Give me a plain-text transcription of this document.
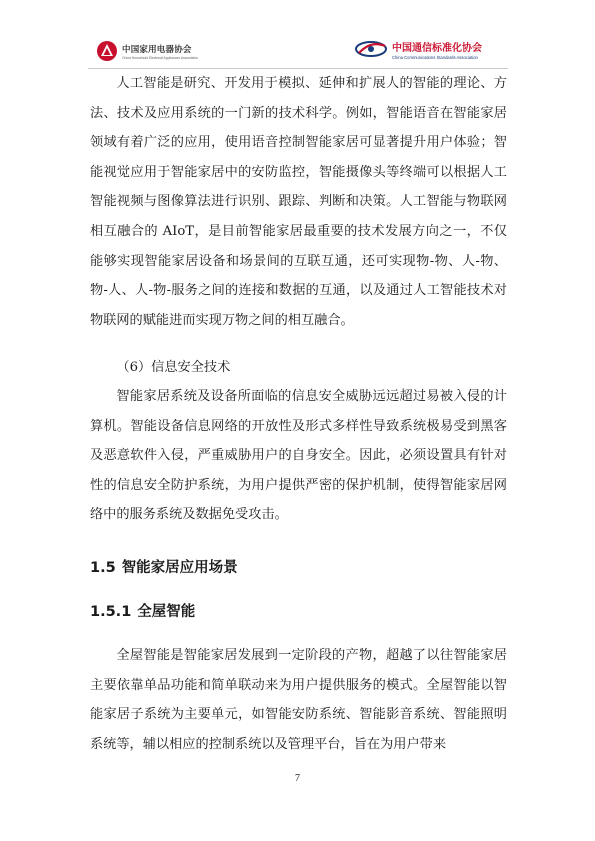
中国家用电器协会
China Household Electrical Appliances Association
中国通信标准化协会
China Communications Standards Association

人工智能是研究、开发用于模拟、延伸和扩展人的智能的理论、方法、技术及应用系统的一门新的技术科学。例如，智能语音在智能家居领域有着广泛的应用，使用语音控制智能家居可显著提升用户体验；智能视觉应用于智能家居中的安防监控，智能摄像头等终端可以根据人工智能视频与图像算法进行识别、跟踪、判断和决策。人工智能与物联网相互融合的 AIoT，是目前智能家居最重要的技术发展方向之一，不仅能够实现智能家居设备和场景间的互联互通，还可实现物-物、人-物、物-人、人-物-服务之间的连接和数据的互通，以及通过人工智能技术对物联网的赋能进而实现万物之间的相互融合。

（6）信息安全技术

智能家居系统及设备所面临的信息安全威胁远远超过易被入侵的计算机。智能设备信息网络的开放性及形式多样性导致系统极易受到黑客及恶意软件入侵，严重威胁用户的自身安全。因此，必须设置具有针对性的信息安全防护系统，为用户提供严密的保护机制，使得智能家居网络中的服务系统及数据免受攻击。

1.5 智能家居应用场景
1.5.1 全屋智能

全屋智能是智能家居发展到一定阶段的产物，超越了以往智能家居主要依靠单品功能和简单联动来为用户提供服务的模式。全屋智能以智能家居子系统为主要单元，如智能安防系统、智能影音系统、智能照明系统等，辅以相应的控制系统以及管理平台，旨在为用户带来

7
